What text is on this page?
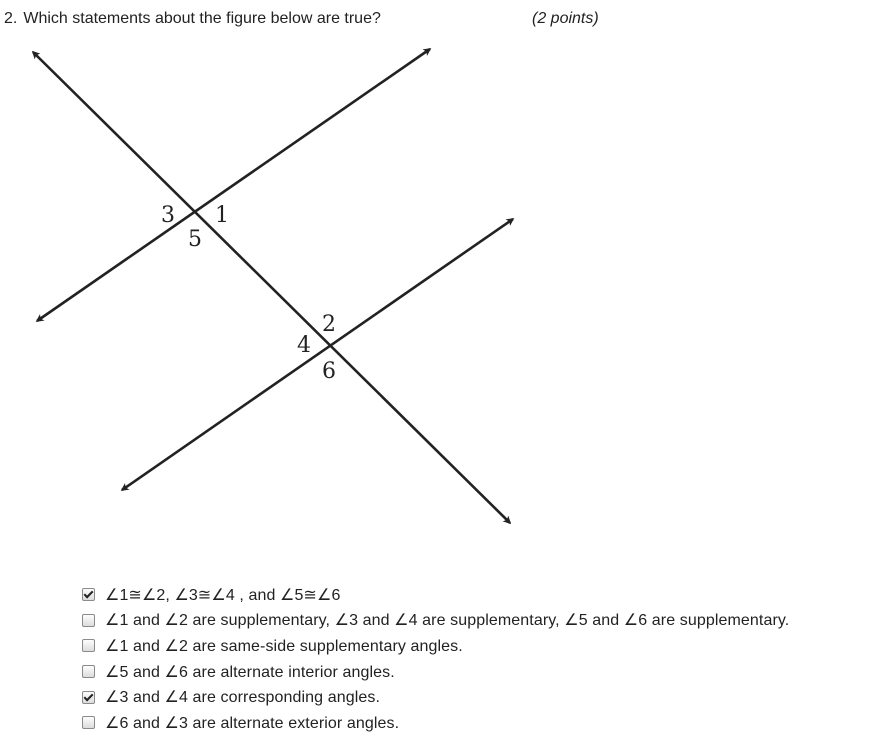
2. Which statements about the figure below are true?	(2 points)
3 1
5
2
4
6
∠1≅∠2, ∠3≅∠4 , and ∠5≅∠6
∠1 and ∠2 are supplementary, ∠3 and ∠4 are supplementary, ∠5 and ∠6 are supplementary.
∠1 and ∠2 are same-side supplementary angles.
∠5 and ∠6 are alternate interior angles.
∠3 and ∠4 are corresponding angles.
∠6 and ∠3 are alternate exterior angles.
